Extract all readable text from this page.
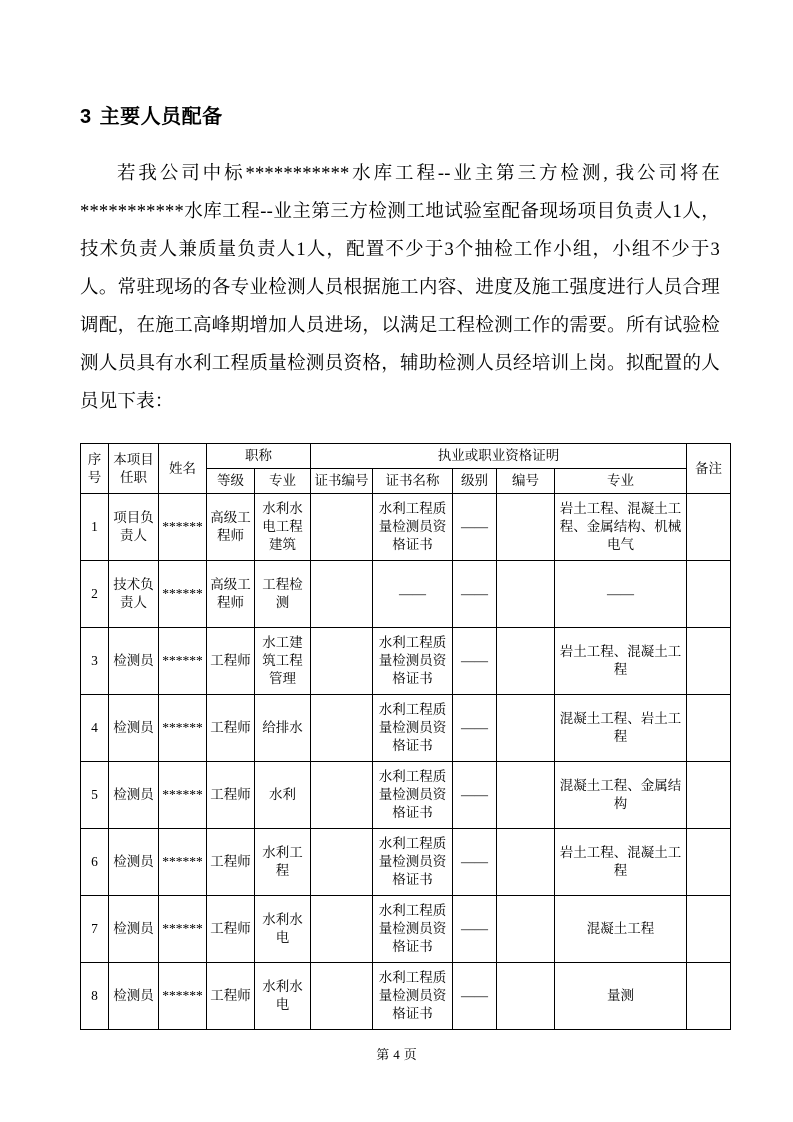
3 主要人员配备

若我公司中标***********水库工程--业主第三方检测, 我公司将在***********水库工程--业主第三方检测工地试验室配备现场项目负责人1人，技术负责人兼质量负责人1人，配置不少于3个抽检工作小组，小组不少于3人。常驻现场的各专业检测人员根据施工内容、进度及施工强度进行人员合理调配，在施工高峰期增加人员进场，以满足工程检测工作的需要。所有试验检测人员具有水利工程质量检测员资格，辅助检测人员经培训上岗。拟配置的人员见下表：

序号	本项目任职	姓名	职称		执业或职业资格证明					备注
			等级	专业	证书编号	证书名称	级别	编号	专业	
1	项目负责人	******	高级工程师	水利水电工程建筑		水利工程质量检测员资格证书	——		岩土工程、混凝土工程、金属结构、机械电气	
2	技术负责人	******	高级工程师	工程检测		——	——		——	
3	检测员	******	工程师	水工建筑工程管理		水利工程质量检测员资格证书	——		岩土工程、混凝土工程	
4	检测员	******	工程师	给排水		水利工程质量检测员资格证书	——		混凝土工程、岩土工程	
5	检测员	******	工程师	水利		水利工程质量检测员资格证书	——		混凝土工程、金属结构	
6	检测员	******	工程师	水利工程		水利工程质量检测员资格证书	——		岩土工程、混凝土工程	
7	检测员	******	工程师	水利水电		水利工程质量检测员资格证书	——		混凝土工程	
8	检测员	******	工程师	水利水电		水利工程质量检测员资格证书	——		量测	
第 4 页
